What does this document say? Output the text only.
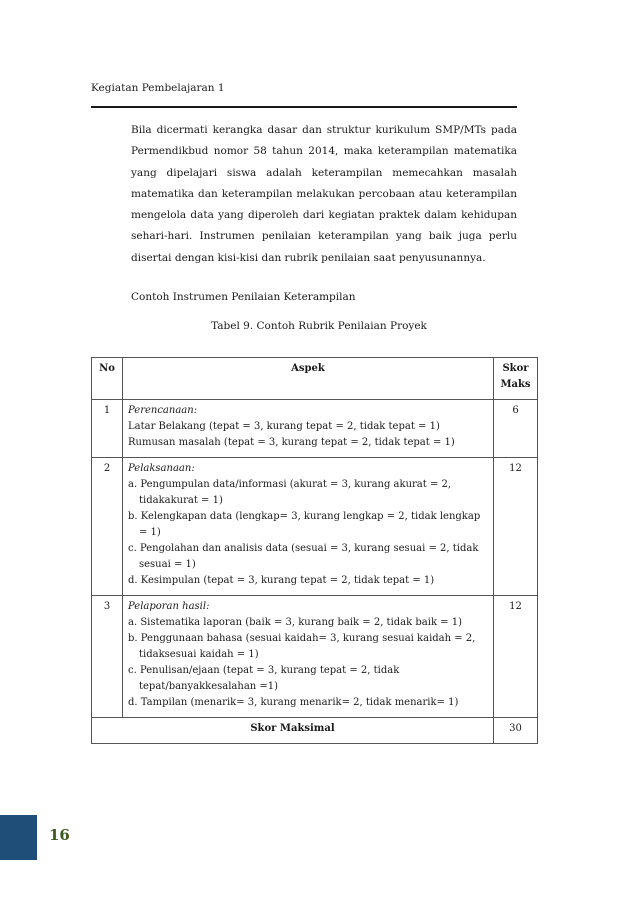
Kegiatan Pembelajaran 1
Bila dicermati kerangka dasar dan struktur kurikulum SMP/MTs pada Permendikbud nomor 58 tahun 2014, maka keterampilan matematika yang dipelajari siswa adalah keterampilan memecahkan masalah matematika dan keterampilan melakukan percobaan atau keterampilan mengelola data yang diperoleh dari kegiatan praktek dalam kehidupan sehari-hari. Instrumen penilaian keterampilan yang baik juga perlu disertai dengan kisi-kisi dan rubrik penilaian saat penyusunannya.
Contoh Instrumen Penilaian Keterampilan
Tabel 9. Contoh Rubrik Penilaian Proyek
No	Aspek	Skor Maks
1	Perencanaan:
Latar Belakang (tepat = 3, kurang tepat = 2, tidak tepat = 1)
Rumusan masalah (tepat = 3, kurang tepat = 2, tidak tepat = 1)	6
2	Pelaksanaan:
a. Pengumpulan data/informasi (akurat = 3, kurang akurat = 2, tidakakurat = 1)
b. Kelengkapan data (lengkap= 3, kurang lengkap = 2, tidak lengkap = 1)
c. Pengolahan dan analisis data (sesuai = 3, kurang sesuai = 2, tidak sesuai = 1)
d. Kesimpulan (tepat = 3, kurang tepat = 2, tidak tepat = 1)	12
3	Pelaporan hasil:
a. Sistematika laporan (baik = 3, kurang baik = 2, tidak baik = 1)
b. Penggunaan bahasa (sesuai kaidah= 3, kurang sesuai kaidah = 2, tidaksesuai kaidah = 1)
c. Penulisan/ejaan (tepat = 3, kurang tepat = 2, tidak tepat/banyakkesalahan =1)
d. Tampilan (menarik= 3, kurang menarik= 2, tidak menarik= 1)	12
Skor Maksimal		30
16
